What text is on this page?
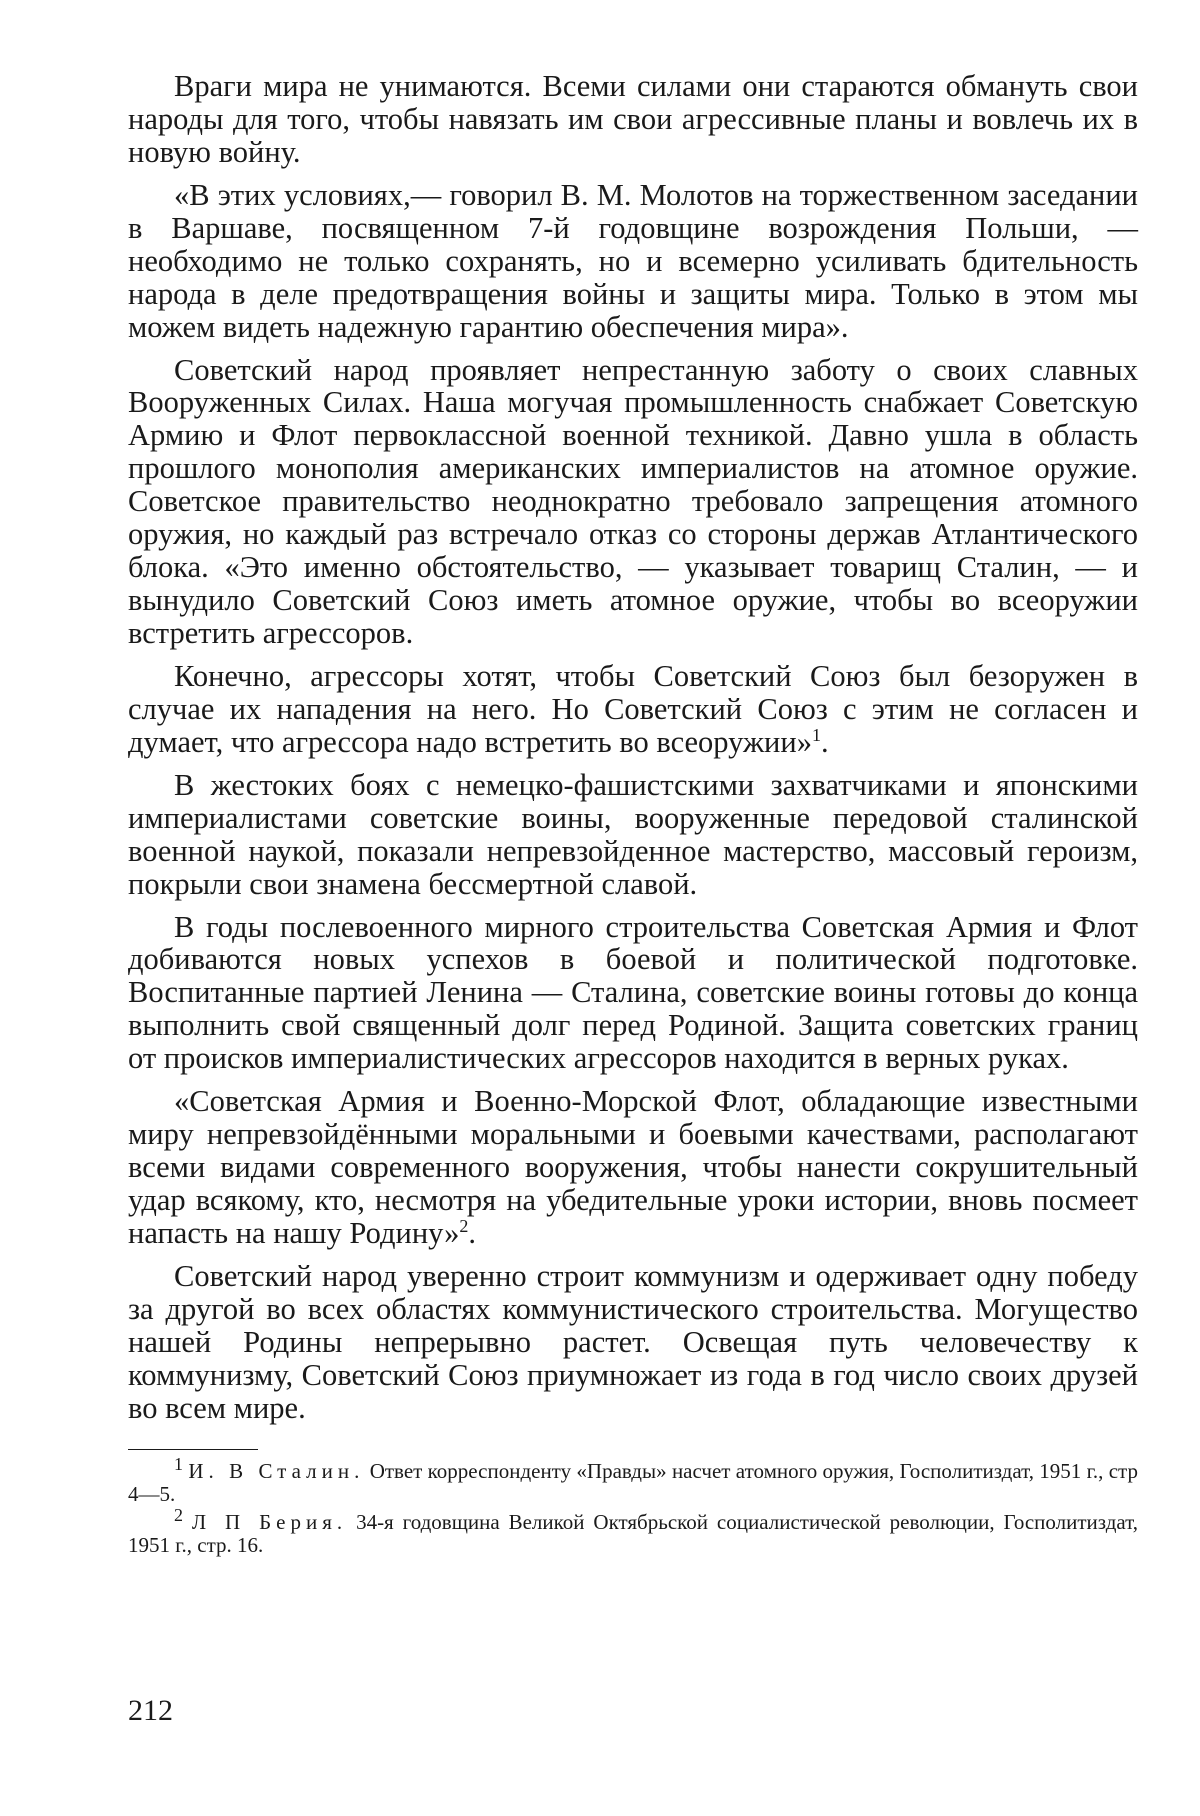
Враги мира не унимаются. Всеми силами они стараются обмануть свои народы для того, чтобы навязать им свои агрессивные планы и вовлечь их в новую войну.

«В этих условиях,— говорил В. М. Молотов на торжественном заседании в Варшаве, посвященном 7-й годовщине возрождения Польши, — необходимо не только сохранять, но и всемерно усиливать бдительность народа в деле предотвращения войны и защиты мира. Только в этом мы можем видеть надежную гарантию обеспечения мира».

Советский народ проявляет непрестанную заботу о своих славных Вооруженных Силах. Наша могучая промышленность снабжает Советскую Армию и Флот первоклассной военной техникой. Давно ушла в область прошлого монополия американских империалистов на атомное оружие. Советское правительство неоднократно требовало запрещения атомного оружия, но каждый раз встречало отказ со стороны держав Атлантического блока. «Это именно обстоятельство, — указывает товарищ Сталин, — и вынудило Советский Союз иметь атомное оружие, чтобы во всеоружии встретить агрессоров.

Конечно, агрессоры хотят, чтобы Советский Союз был безоружен в случае их нападения на него. Но Советский Союз с этим не согласен и думает, что агрессора надо встретить во всеоружии»$^1$.

В жестоких боях с немецко-фашистскими захватчиками и японскими империалистами советские воины, вооруженные передовой сталинской военной наукой, показали непревзойденное мастерство, массовый героизм, покрыли свои знамена бессмертной славой.

В годы послевоенного мирного строительства Советская Армия и Флот добиваются новых успехов в боевой и политической подготовке. Воспитанные партией Ленина — Сталина, советские воины готовы до конца выполнить свой священный долг перед Родиной. Защита советских границ от происков империалистических агрессоров находится в верных руках.

«Советская Армия и Военно-Морской Флот, обладающие известными миру непревзойдёнными моральными и боевыми качествами, располагают всеми видами современного вооружения, чтобы нанести сокрушительный удар всякому, кто, несмотря на убедительные уроки истории, вновь посмеет напасть на нашу Родину»$^2$.

Советский народ уверенно строит коммунизм и одерживает одну победу за другой во всех областях коммунистического строительства. Могущество нашей Родины непрерывно растет. Освещая путь человечеству к коммунизму, Советский Союз приумножает из года в год число своих друзей во всем мире.

$^1$ И. В Сталин. Ответ корреспонденту «Правды» насчет атомного оружия, Госполитиздат, 1951 г., стр 4—5.

$^2$ Л П Берия. 34-я годовщина Великой Октябрьской социалистической революции, Госполитиздат, 1951 г., стр. 16.

212
